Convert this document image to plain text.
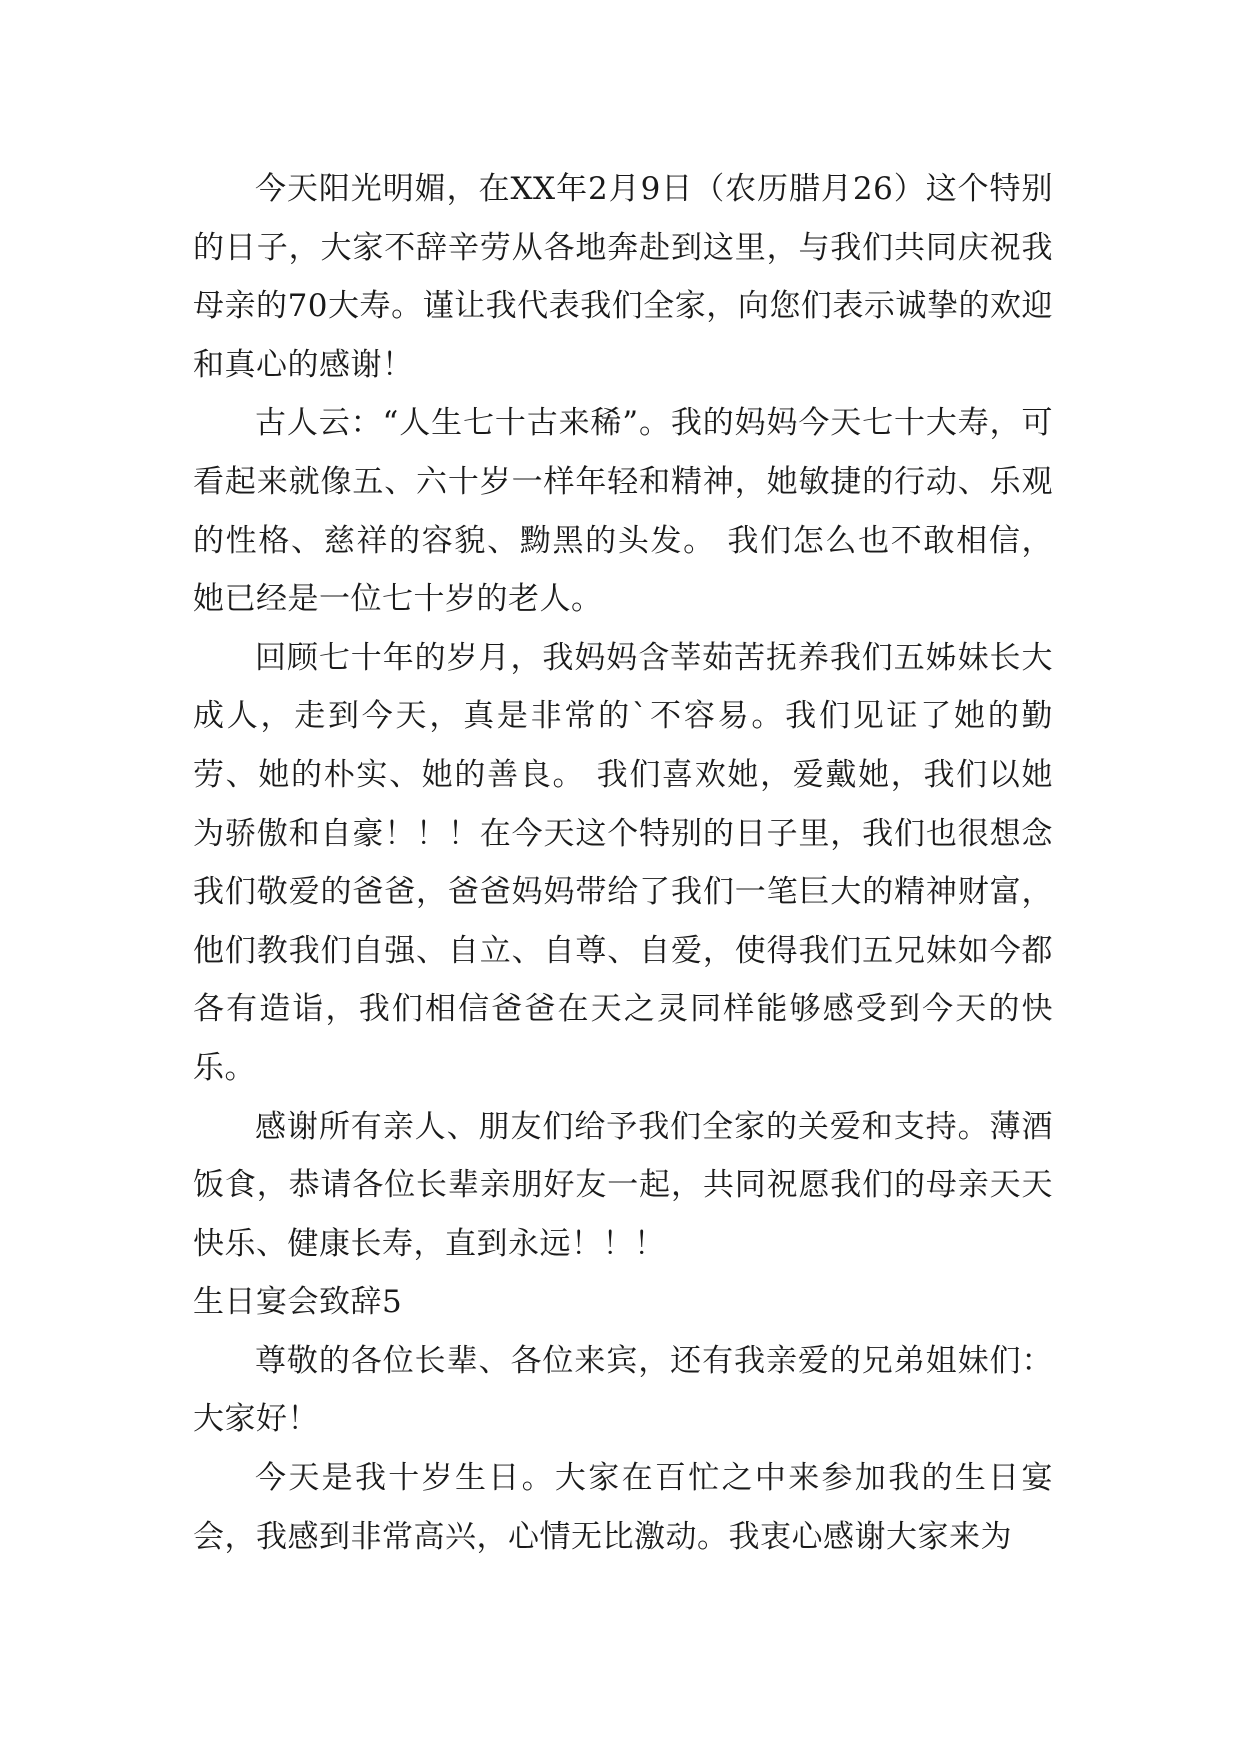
今天阳光明媚，在XX年2月9日（农历腊月26）这个特别的日子，大家不辞辛劳从各地奔赴到这里，与我们共同庆祝我母亲的70大寿。谨让我代表我们全家，向您们表示诚挚的欢迎和真心的感谢！

古人云：“人生七十古来稀”。我的妈妈今天七十大寿，可看起来就像五、六十岁一样年轻和精神，她敏捷的行动、乐观的性格、慈祥的容貌、黝黑的头发。 我们怎么也不敢相信，她已经是一位七十岁的老人。

回顾七十年的岁月，我妈妈含莘茹苦抚养我们五姊妹长大成人，走到今天，真是非常的`不容易。我们见证了她的勤劳、她的朴实、她的善良。 我们喜欢她，爱戴她，我们以她为骄傲和自豪！！！在今天这个特别的日子里，我们也很想念我们敬爱的爸爸，爸爸妈妈带给了我们一笔巨大的精神财富，他们教我们自强、自立、自尊、自爱，使得我们五兄妹如今都各有造诣，我们相信爸爸在天之灵同样能够感受到今天的快乐。

感谢所有亲人、朋友们给予我们全家的关爱和支持。薄酒饭食，恭请各位长辈亲朋好友一起，共同祝愿我们的母亲天天快乐、健康长寿，直到永远！！！

生日宴会致辞5

尊敬的各位长辈、各位来宾，还有我亲爱的兄弟姐妹们：大家好！

今天是我十岁生日。大家在百忙之中来参加我的生日宴会，我感到非常高兴，心情无比激动。我衷心感谢大家来为
